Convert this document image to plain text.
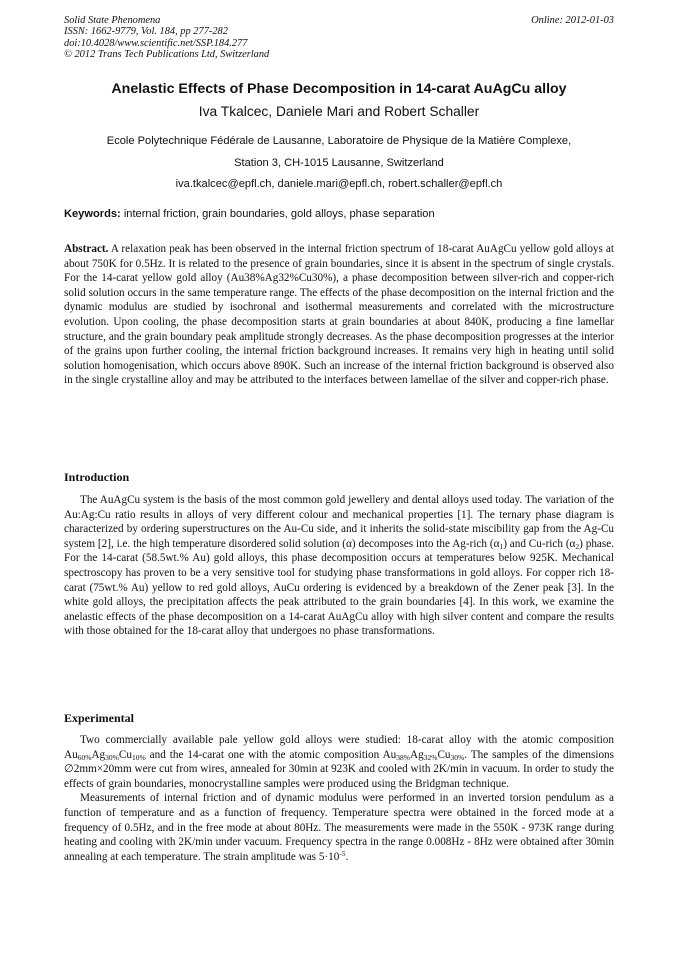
Solid State Phenomena
ISSN: 1662-9779, Vol. 184, pp 277-282
doi:10.4028/www.scientific.net/SSP.184.277
© 2012 Trans Tech Publications Ltd, Switzerland
Online: 2012-01-03
Anelastic Effects of Phase Decomposition in 14-carat AuAgCu alloy
Iva Tkalcec, Daniele Mari and Robert Schaller
Ecole Polytechnique Fédérale de Lausanne, Laboratoire de Physique de la Matière Complexe,
Station 3, CH-1015 Lausanne, Switzerland
iva.tkalcec@epfl.ch, daniele.mari@epfl.ch, robert.schaller@epfl.ch
Keywords: internal friction, grain boundaries, gold alloys, phase separation
Abstract. A relaxation peak has been observed in the internal friction spectrum of 18-carat AuAgCu yellow gold alloys at about 750K for 0.5Hz. It is related to the presence of grain boundaries, since it is absent in the spectrum of single crystals. For the 14-carat yellow gold alloy (Au38%Ag32%Cu30%), a phase decomposition between silver-rich and copper-rich solid solution occurs in the same temperature range. The effects of the phase decomposition on the internal friction and the dynamic modulus are studied by isochronal and isothermal measurements and correlated with the microstructure evolution. Upon cooling, the phase decomposition starts at grain boundaries at about 840K, producing a fine lamellar structure, and the grain boundary peak amplitude strongly decreases. As the phase decomposition progresses at the interior of the grains upon further cooling, the internal friction background increases. It remains very high in heating until solid solution homogenisation, which occurs above 890K. Such an increase of the internal friction background is observed also in the single crystalline alloy and may be attributed to the interfaces between lamellae of the silver and copper-rich phase.
Introduction

The AuAgCu system is the basis of the most common gold jewellery and dental alloys used today. The variation of the Au:Ag:Cu ratio results in alloys of very different colour and mechanical properties [1]. The ternary phase diagram is characterized by ordering superstructures on the Au-Cu side, and it inherits the solid-state miscibility gap from the Ag-Cu system [2], i.e. the high temperature disordered solid solution (α) decomposes into the Ag-rich $(\alpha_1)$ and Cu-rich $(\alpha_2)$ phase. For the 14-carat (58.5wt.% Au) gold alloys, this phase decomposition occurs at temperatures below 925K. Mechanical spectroscopy has proven to be a very sensitive tool for studying phase transformations in gold alloys. For copper rich 18-carat (75wt.% Au) yellow to red gold alloys, AuCu ordering is evidenced by a breakdown of the Zener peak [3]. In the white gold alloys, the precipitation affects the peak attributed to the grain boundaries [4]. In this work, we examine the anelastic effects of the phase decomposition on a 14-carat AuAgCu alloy with high silver content and compare the results with those obtained for the 18-carat alloy that undergoes no phase transformations.

Experimental

Two commercially available pale yellow gold alloys were studied: 18-carat alloy with the atomic composition $Au_{60\%}Ag_{30\%}Cu_{10\%}$ and the 14-carat one with the atomic composition $Au_{38\%}Ag_{32\%}Cu_{30\%}$. The samples of the dimensions ∅2mm×20mm were cut from wires, annealed for 30min at 923K and cooled with 2K/min in vacuum. In order to study the effects of grain boundaries, monocrystalline samples were produced using the Bridgman technique.

Measurements of internal friction and of dynamic modulus were performed in an inverted torsion pendulum as a function of temperature and as a function of frequency. Temperature spectra were obtained in the forced mode at a frequency of 0.5Hz, and in the free mode at about 80Hz. The measurements were made in the 550K - 973K range during heating and cooling with 2K/min under vacuum. Frequency spectra in the range 0.008Hz - 8Hz were obtained after 30min annealing at each temperature. The strain amplitude was $5\cdot 10^{-5}$.
